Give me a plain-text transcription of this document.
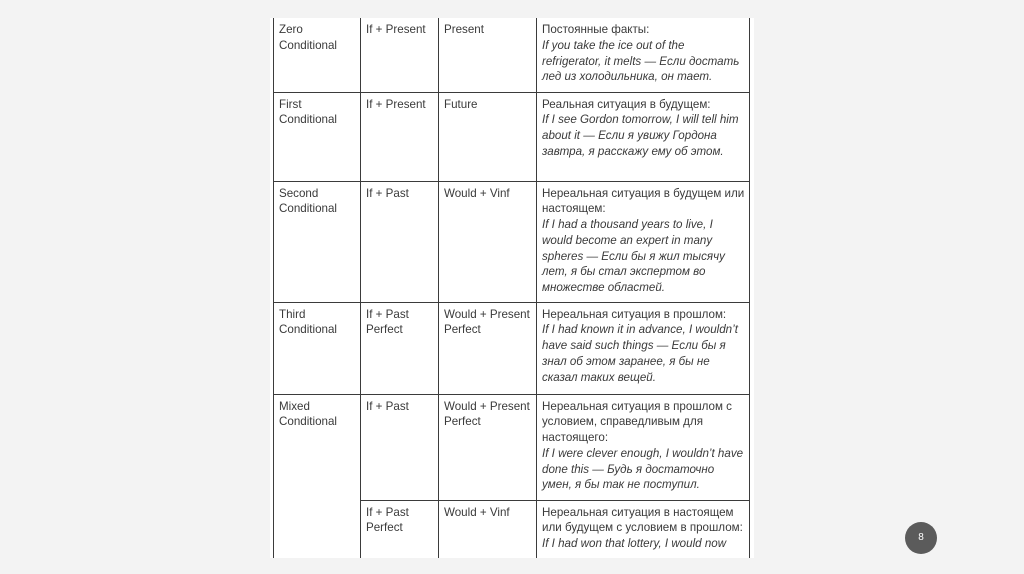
Zero
Conditional	If + Present	Present	Постоянные факты:
If you take the ice out of the refrigerator, it melts — Если достать лед из холодильника, он тает.

First
Conditional	If + Present	Future	Реальная ситуация в будущем:
If I see Gordon tomorrow, I will tell him about it — Если я увижу Гордона завтра, я расскажу ему об этом.

Second
Conditional	If + Past	Would + Vinf	Нереальная ситуация в будущем или настоящем:
If I had a thousand years to live, I would become an expert in many spheres — Если бы я жил тысячу лет, я бы стал экспертом во множестве областей.

Third
Conditional	If + Past Perfect	Would + Present Perfect	Нереальная ситуация в прошлом:
If I had known it in advance, I wouldn’t have said such things — Если бы я знал об этом заранее, я бы не сказал таких вещей.

Mixed
Conditional	If + Past	Would + Present Perfect	Нереальная ситуация в прошлом с условием, справедливым для настоящего:
If I were clever enough, I wouldn’t have done this — Будь я достаточно умен, я бы так не поступил.

	If + Past Perfect	Would + Vinf	Нереальная ситуация в настоящем или будущем с условием в прошлом:
If I had won that lottery, I would now	8
